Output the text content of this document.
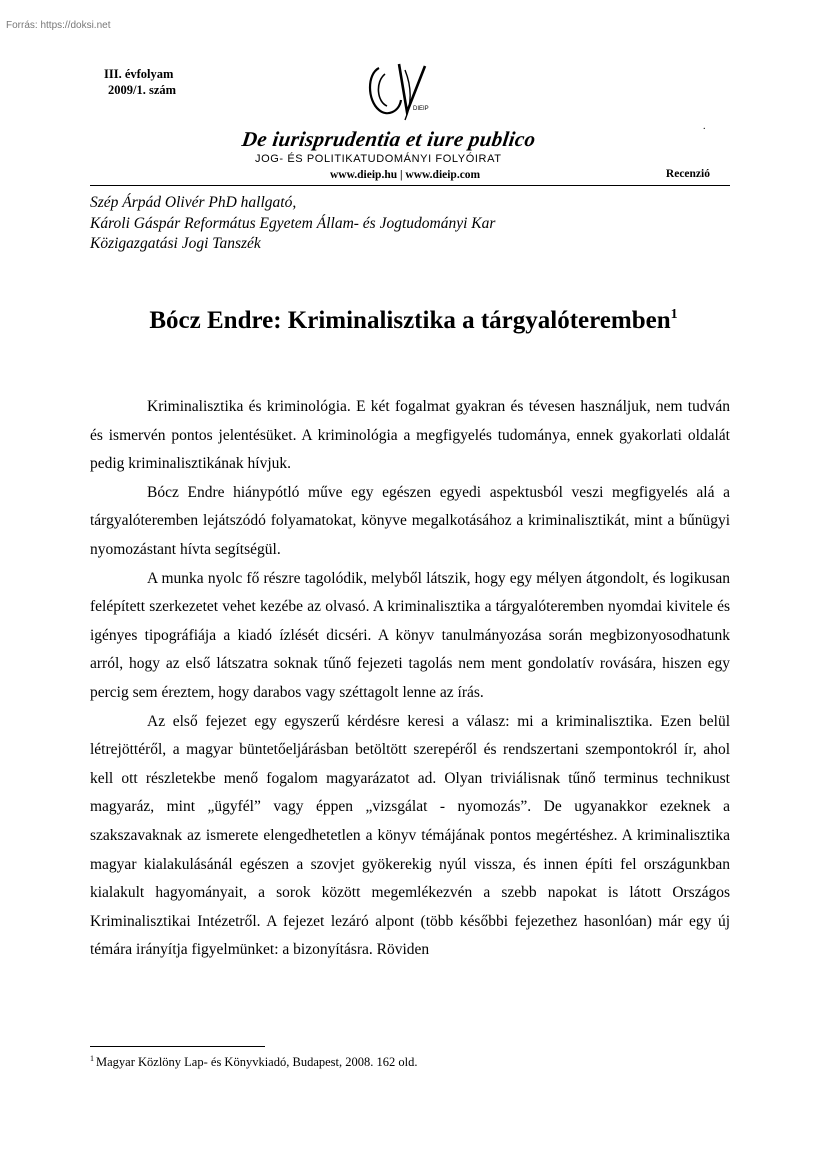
Forrás: https://doksi.net
III. évfolyam
2009/1. szám
DIEIP
De iurisprudentia et iure publico
JOG- ÉS POLITIKATUDOMÁNYI FOLYÓIRAT
www.dieip.hu | www.dieip.com	Recenzió
.
Szép Árpád Olivér PhD hallgató,
Károli Gáspár Református Egyetem Állam- és Jogtudományi Kar
Közigazgatási Jogi Tanszék
Bócz Endre: Kriminalisztika a tárgyalóteremben$^1$

Kriminalisztika és kriminológia. E két fogalmat gyakran és tévesen használjuk, nem tudván és ismervén pontos jelentésüket. A kriminológia a megfigyelés tudománya, ennek gyakorlati oldalát pedig kriminalisztikának hívjuk.

Bócz Endre hiánypótló műve egy egészen egyedi aspektusból veszi megfigyelés alá a tárgyalóteremben lejátszódó folyamatokat, könyve megalkotásához a kriminalisztikát, mint a bűnügyi nyomozástant hívta segítségül.

A munka nyolc fő részre tagolódik, melyből látszik, hogy egy mélyen átgondolt, és logikusan felépített szerkezetet vehet kezébe az olvasó. A kriminalisztika a tárgyalóteremben nyomdai kivitele és igényes tipográfiája a kiadó ízlését dicséri. A könyv tanulmányozása során megbizonyosodhatunk arról, hogy az első látszatra soknak tűnő fejezeti tagolás nem ment gondolatív rovására, hiszen egy percig sem éreztem, hogy darabos vagy széttagolt lenne az írás.

Az első fejezet egy egyszerű kérdésre keresi a válasz: mi a kriminalisztika. Ezen belül létrejöttéről, a magyar büntetőeljárásban betöltött szerepéről és rendszertani szempontokról ír, ahol kell ott részletekbe menő fogalom magyarázatot ad. Olyan triviálisnak tűnő terminus technikust magyaráz, mint „ügyfél” vagy éppen „vizsgálat - nyomozás”. De ugyanakkor ezeknek a szakszavaknak az ismerete elengedhetetlen a könyv témájának pontos megértéshez. A kriminalisztika magyar kialakulásánál egészen a szovjet gyökerekig nyúl vissza, és innen építi fel országunkban kialakult hagyományait, a sorok között megemlékezvén a szebb napokat is látott Országos Kriminalisztikai Intézetről. A fejezet lezáró alpont (több későbbi fejezethez hasonlóan) már egy új témára irányítja figyelmünket: a bizonyításra. Röviden

$^1$ Magyar Közlöny Lap- és Könyvkiadó, Budapest, 2008. 162 old.
